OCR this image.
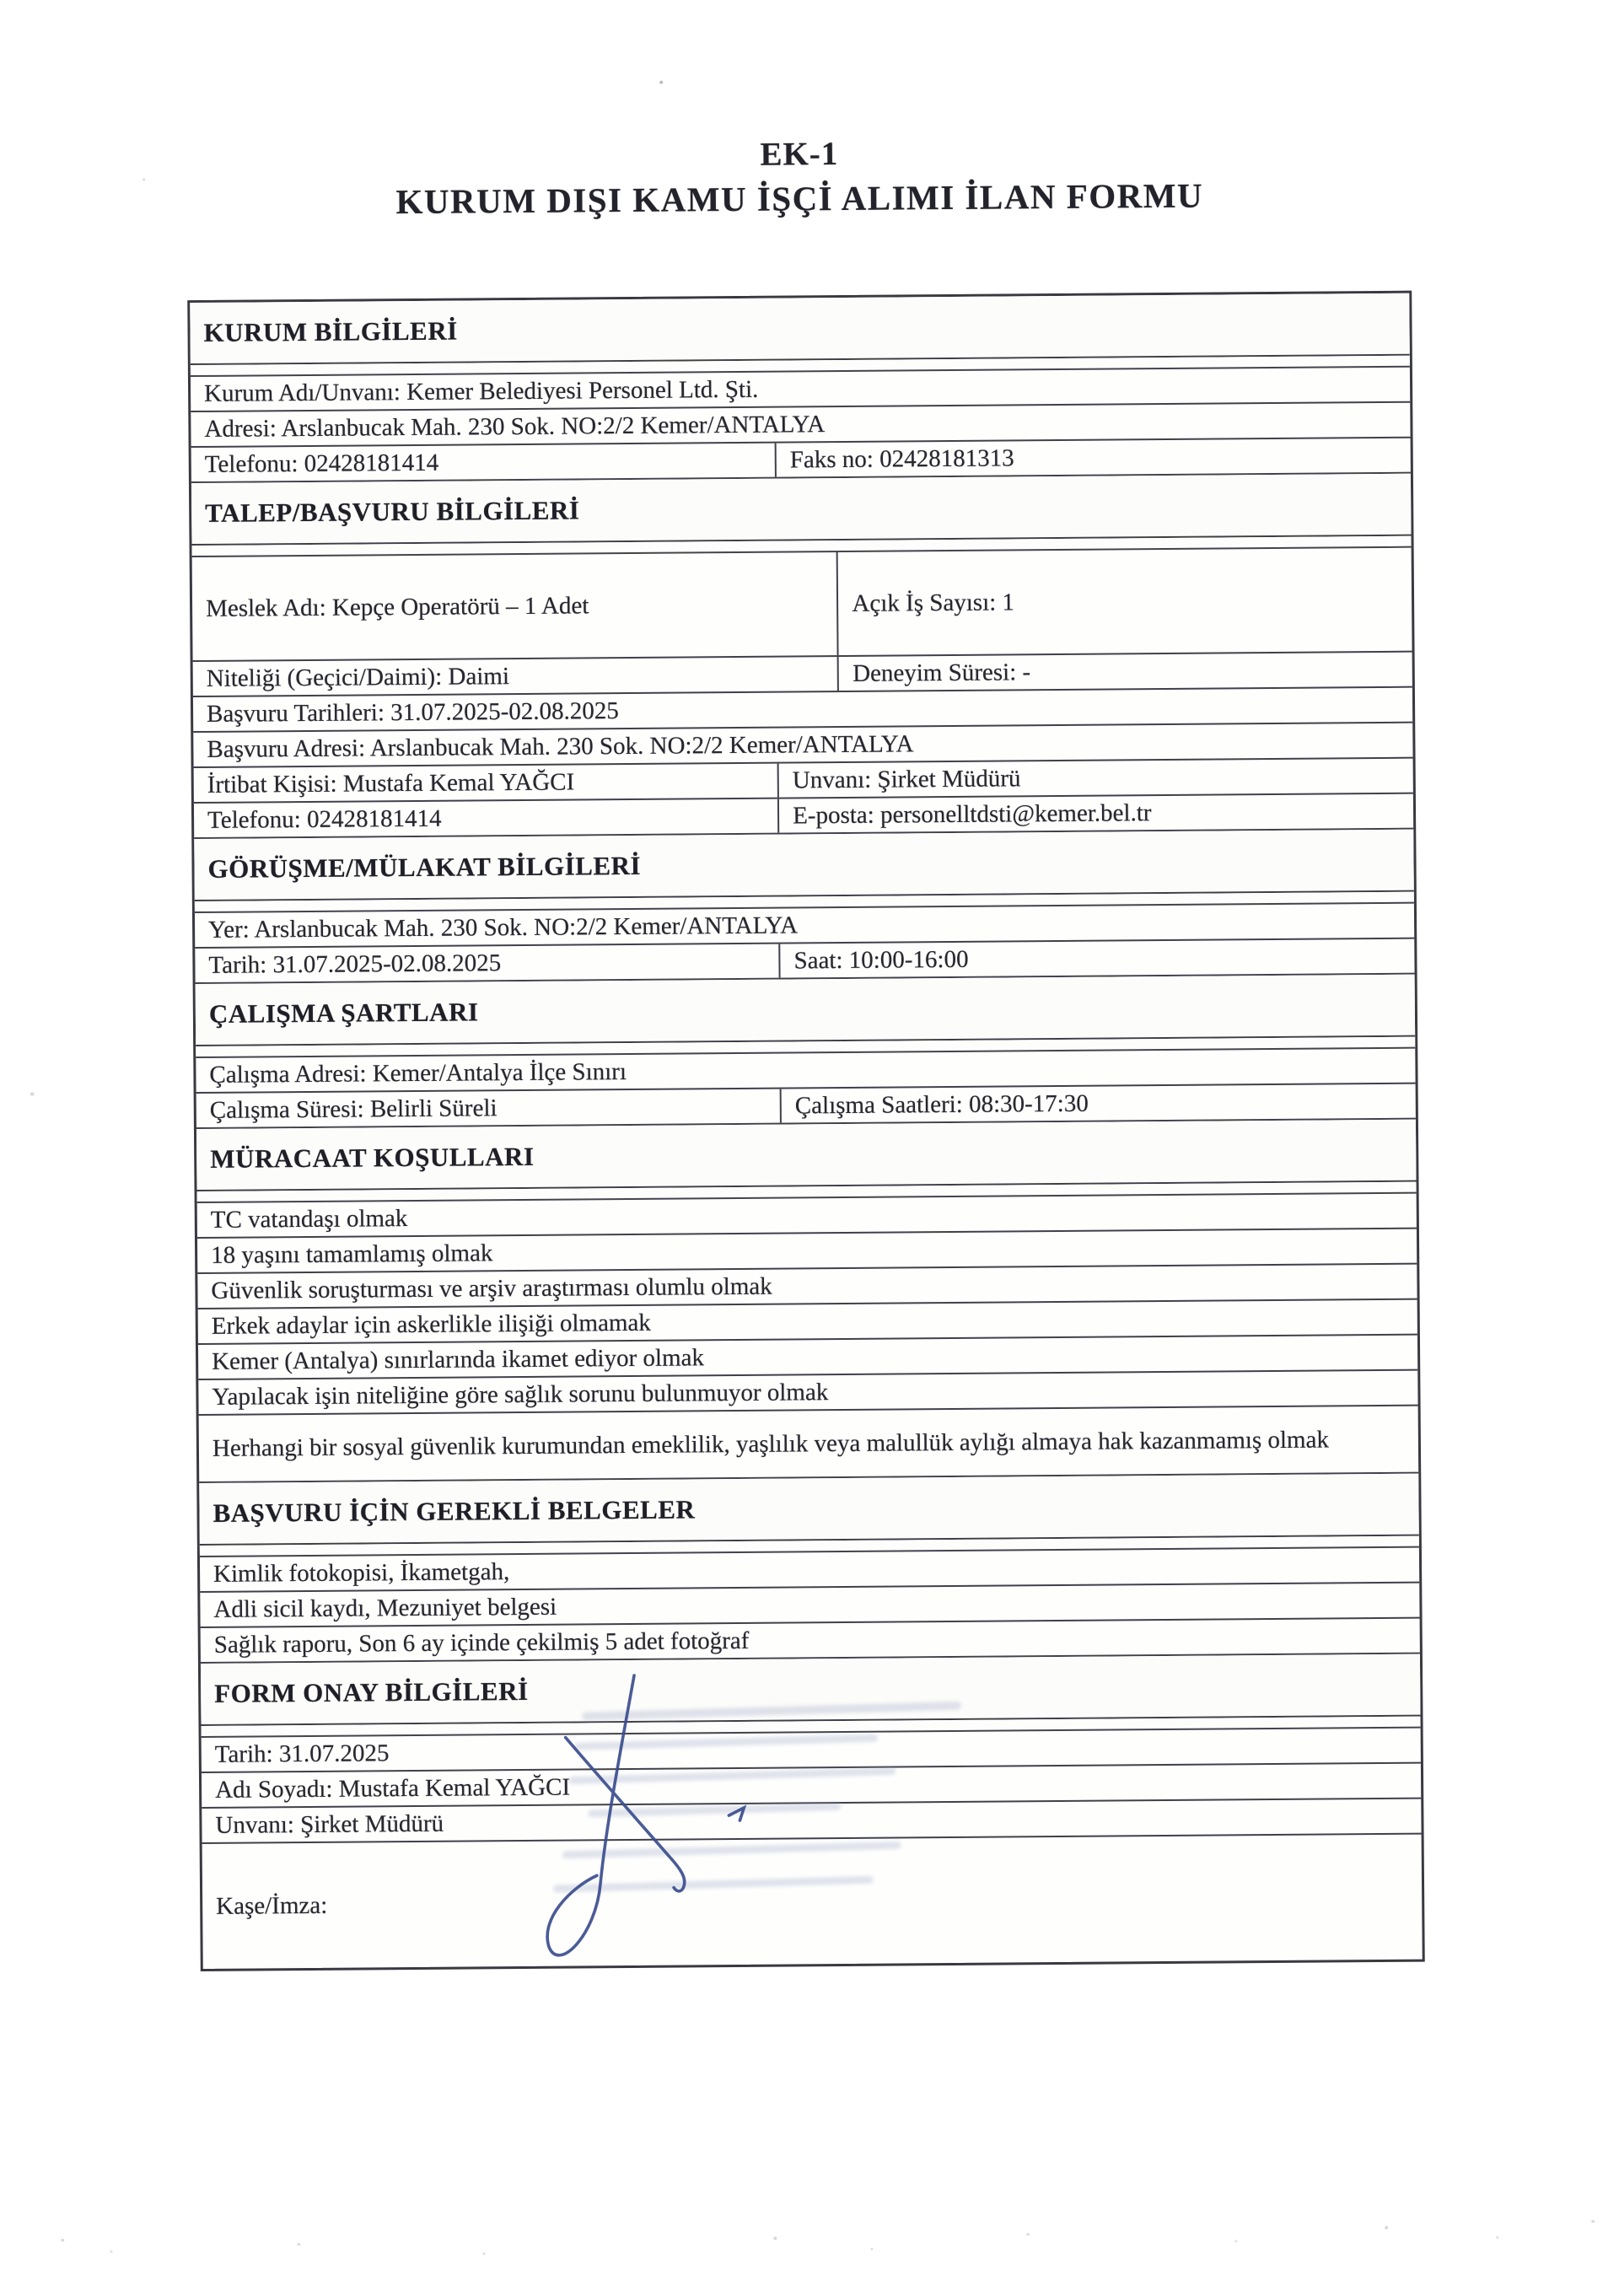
EK-1
KURUM DIŞI KAMU İŞÇİ ALIMI İLAN FORMU
KURUM BİLGİLERİ
Kurum Adı/Unvanı: Kemer Belediyesi Personel Ltd. Şti.
Adresi: Arslanbucak Mah. 230 Sok. NO:2/2 Kemer/ANTALYA
Telefonu: 02428181414	Faks no: 02428181313
TALEP/BAŞVURU BİLGİLERİ
Meslek Adı: Kepçe Operatörü – 1 Adet	Açık İş Sayısı: 1
Niteliği (Geçici/Daimi): Daimi	Deneyim Süresi: -
Başvuru Tarihleri: 31.07.2025-02.08.2025
Başvuru Adresi: Arslanbucak Mah. 230 Sok. NO:2/2 Kemer/ANTALYA
İrtibat Kişisi: Mustafa Kemal YAĞCI	Unvanı: Şirket Müdürü
Telefonu: 02428181414	E-posta: personelltdsti@kemer.bel.tr
GÖRÜŞME/MÜLAKAT BİLGİLERİ
Yer: Arslanbucak Mah. 230 Sok. NO:2/2 Kemer/ANTALYA
Tarih: 31.07.2025-02.08.2025	Saat: 10:00-16:00
ÇALIŞMA ŞARTLARI
Çalışma Adresi: Kemer/Antalya İlçe Sınırı
Çalışma Süresi: Belirli Süreli	Çalışma Saatleri: 08:30-17:30
MÜRACAAT KOŞULLARI
TC vatandaşı olmak
18 yaşını tamamlamış olmak
Güvenlik soruşturması ve arşiv araştırması olumlu olmak
Erkek adaylar için askerlikle ilişiği olmamak
Kemer (Antalya) sınırlarında ikamet ediyor olmak
Yapılacak işin niteliğine göre sağlık sorunu bulunmuyor olmak
Herhangi bir sosyal güvenlik kurumundan emeklilik, yaşlılık veya malullük aylığı almaya hak kazanmamış olmak
BAŞVURU İÇİN GEREKLİ BELGELER
Kimlik fotokopisi, İkametgah,
Adli sicil kaydı, Mezuniyet belgesi
Sağlık raporu, Son 6 ay içinde çekilmiş 5 adet fotoğraf
FORM ONAY BİLGİLERİ
Tarih: 31.07.2025
Adı Soyadı: Mustafa Kemal YAĞCI
Unvanı: Şirket Müdürü
Kaşe/İmza:
